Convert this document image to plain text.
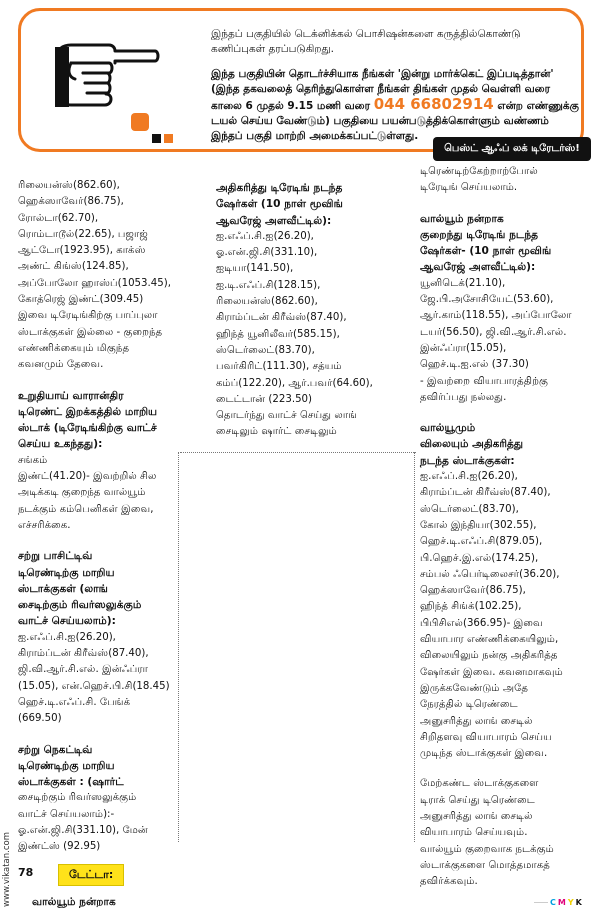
இந்தப் பகுதியில் டெக்னிக்கல் பொசிஷன்களை கருத்தில்கொண்டு
கணிப்புகள் தரப்படுகிறது.
இந்த பகுதியின் தொடர்ச்சியாக நீங்கள் 'இன்று மார்க்கெட் இப்படித்தான்'
(இந்த தகவலைத் தெரிந்துகொள்ள நீங்கள் திங்கள் முதல் வெள்ளி வரை
காலை 6 முதல் 9.15 மணி வரை 044 66802914 என்ற எண்ணுக்கு
டயல் செய்ய வேண்டும்) பகுதியை பயன்படுத்திக்கொள்ளும் வண்ணம்
இந்தப் பகுதி மாற்றி அமைக்கப்பட்டுள்ளது.
பெஸ்ட் ஆஃப் லக் டிரேடர்ஸ்!

ரிலையன்ஸ்(862.60),
ஹெக்ஸாவேர்(86.75),
ரோல்டா(62.70),
ரொம்டாடூல்(22.65), பஜாஜ்
ஆட்டோ(1923.95), காக்ஸ்
அண்ட் கிங்ஸ்(124.85),
அப்போலோ ஹாஸ்ப்(1053.45),
கோத்ரெஜ் இண்ட்(309.45)
இவை டிரேடிங்கிற்கு பாப்புலா
ஸ்டாக்குகள் இல்லை - குறைந்த
எண்ணிக்கையும் மிகுந்த
கவனமும் தேவை.

உறுதியாய் வாரான்திர
டிரெண்ட் இறக்கத்தில் மாறிய
ஸ்டாக் (டிரேடிங்கிற்கு வாட்ச்
செய்ய உகந்தது):
சங்கம்
இண்ட்(41.20)- இவற்றில் சில
அடிக்கடி குறைந்த வால்யூம்
நடக்கும் கம்பெனிகள் இவை,
எச்சரிக்கை.

சற்று பாசிட்டிவ்
டிரெண்டிற்கு மாறிய
ஸ்டாக்குகள் (லாங்
சைடிற்கும் ரிவர்ஸலுக்கும்
வாட்ச் செய்யலாம்):
ஐ.எஃப்.சி.ஐ(26.20),
கிராம்ப்டன் கிரீவ்ஸ்(87.40),
ஜி.வி.ஆர்.சி.எல். இன்ஃப்ரா
(15.05), என்.ஹெச்.பி.சி(18.45)
ஹெச்.டி.எஃப்.சி. பேங்க்
(669.50)

சற்று நெகட்டிவ்
டிரெண்டிற்கு மாறிய
ஸ்டாக்குகள் : (ஷார்ட்
சைடிற்கும் ரிவர்ஸலுக்கும்
வாட்ச் செய்யலாம்):-
ஓ.என்.ஜி.சி(331.10), மேன்
இண்ட்ஸ் (92.95)

டேட்டா:
வால்யூம் நன்றாக

அதிகரித்து டிரேடிங் நடந்த
ஷேர்கள் (10 நாள் மூவிங்
ஆவரேஜ் அளவீட்டில்):
ஐ.எஃப்.சி.ஐ(26.20),
ஓ.என்.ஜி.சி(331.10),
ஐடியா(141.50),
ஐ.டி.எஃப்.சி(128.15),
ரிலையன்ஸ்(862.60),
கிராம்ப்டன் கிரீவ்ஸ்(87.40),
ஹிந்த் யூனிலீவர்(585.15),
ஸ்டெர்லைட்(83.70),
பவர்கிரிட்(111.30), சத்யம்
கம்ப்(122.20), ஆர்.பவர்(64.60),
டைட்டான் (223.50)
தொடர்ந்து வாட்ச் செய்து லாங்
சைடிலும் ஷார்ட் சைடிலும்

டிரெண்டிற்கேற்றாற்போல்
டிரேடிங் செய்யலாம்.

வால்யூம் நன்றாக
குறைந்து டிரேடிங் நடந்த
ஷேர்கள்- (10 நாள் மூவிங்
ஆவரேஜ் அளவீட்டில்):
யூனிடெக்(21.10),
ஜே.பி.அசோசியேட்(53.60),
ஆர்.காம்(118.55), அப்போலோ
டயர்(56.50), ஜி.வி.ஆர்.சி.எல்.
இன்ஃப்ரா(15.05),
ஹெச்.டி.ஐ.எல் (37.30)
- இவற்றை வியாபாரத்திற்கு
தவிர்ப்பது நல்லது.

வால்யூமும்
விலையும் அதிகரித்து
நடந்த ஸ்டாக்குகள்:
ஐ.எஃப்.சி.ஐ(26.20),
கிராம்ப்டன் கிரீவ்ஸ்(87.40),
ஸ்டெர்லைட்(83.70),
கோல் இந்தியா(302.55),
ஹெச்.டி.எஃப்.சி(879.05),
பி.ஹெச்.இ.எல்(174.25),
சம்பல் ஃபெர்டிலைசர்(36.20),
ஹெக்ஸாவேர்(86.75),
ஹிந்த் சிங்க்(102.25),
பிபிசிஎல்(366.95)- இவை
வியாபார எண்ணிக்கையிலும்,
விலையிலும் நன்கு அதிகரித்த
ஷேர்கள் இவை. கவனமாகவும்
இருக்கவேண்டும் அதே
நேரத்தில் டிரெண்டை
அனுசரித்து லாங் சைடில்
சிறிதளவு வியாபாரம் செய்ய
முடிந்த ஸ்டாக்குகள் இவை.

மேற்கண்ட ஸ்டாக்குகளை
டிராக் செய்து டிரெண்டை
அனுசரித்து லாங் சைடில்
வியாபாரம் செய்யவும்.
வால்யூம் குறைவாக நடக்கும்
ஸ்டாக்குகளை மொத்தமாகத்
தவிர்க்கவும்.

www.vikatan.com 78
CMYK
